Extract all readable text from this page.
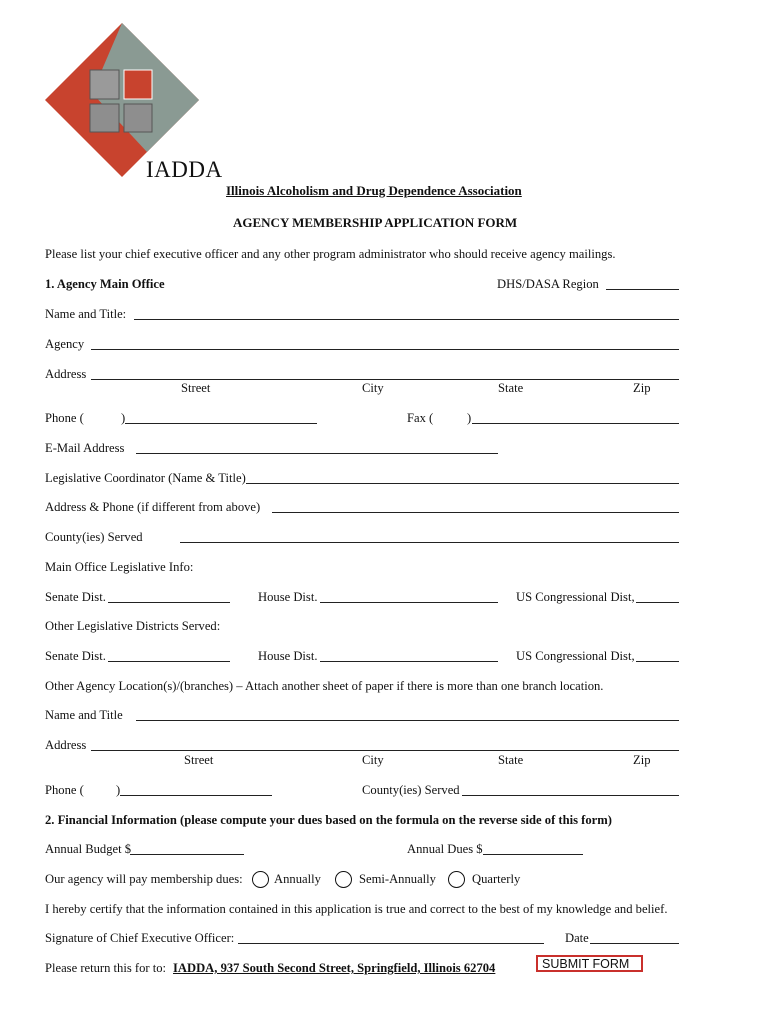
IADDA
Illinois Alcoholism and Drug Dependence Association
AGENCY MEMBERSHIP APPLICATION FORM
Please list your chief executive officer and any other program administrator who should receive agency mailings.
1. Agency Main Office	DHS/DASA Region
Name and Title:
Agency
Address
Street	City	State	Zip
Phone (	)	Fax (	)
E-Mail Address
Legislative Coordinator (Name & Title)
Address & Phone (if different from above)
County(ies) Served
Main Office Legislative Info:
Senate Dist.	House Dist.	US Congressional Dist,
Other Legislative Districts Served:
Senate Dist.	House Dist.	US Congressional Dist,
Other Agency Location(s)/(branches) – Attach another sheet of paper if there is more than one branch location.
Name and Title
Address
Street	City	State	Zip
Phone (	)	County(ies) Served
2. Financial Information (please compute your dues based on the formula on the reverse side of this form)
Annual Budget $	Annual Dues $
Our agency will pay membership dues: Annually	Semi-Annually	Quarterly
I hereby certify that the information contained in this application is true and correct to the best of my knowledge and belief.
Signature of Chief Executive Officer:	Date
Please return this for to: IADDA, 937 South Second Street, Springfield, Illinois 62704	SUBMIT FORM
